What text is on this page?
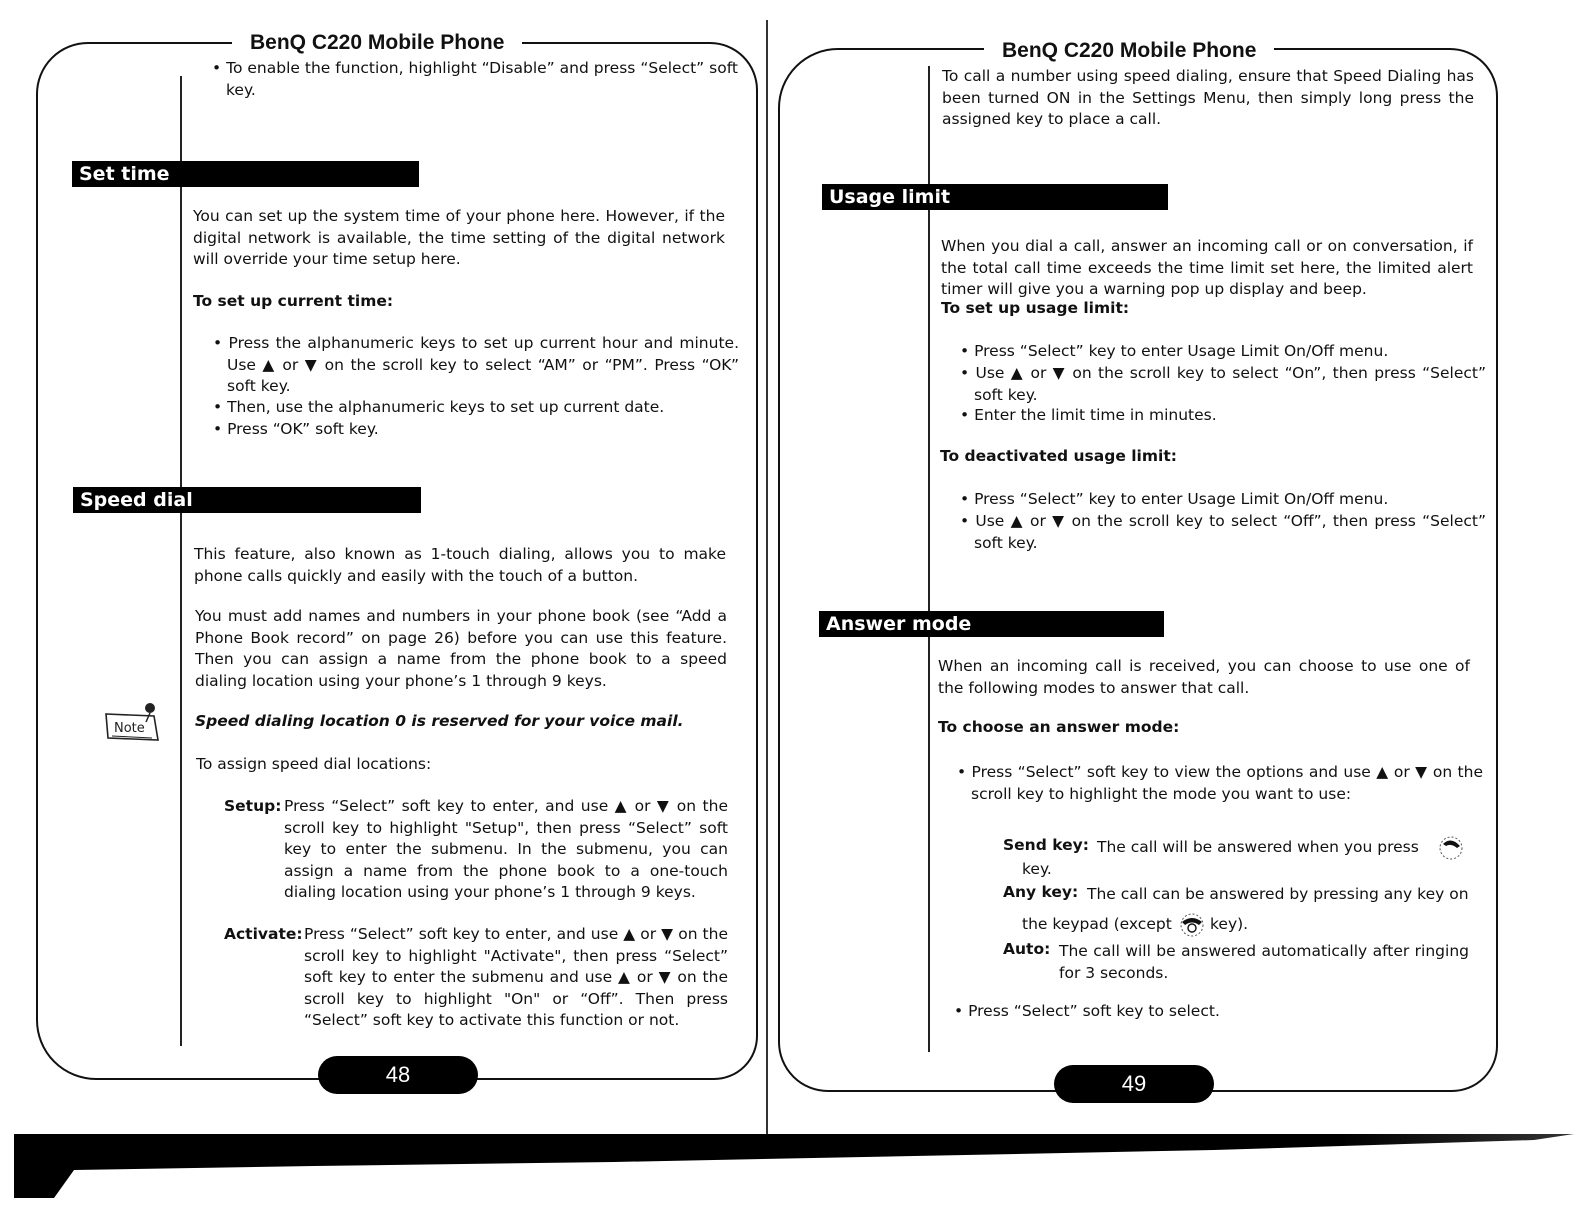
BenQ C220 Mobile Phone	BenQ C220 Mobile Phone
• To enable the function, highlight “Disable” and press “Select” soft key.
Set time
You can set up the system time of your phone here. However, if the digital network is available, the time setting of the digital network will override your time setup here.
To set up current time:
• Press the alphanumeric keys to set up current hour and minute. Use ▲ or ▼ on the scroll key to select “AM” or “PM”. Press “OK” soft key.
• Then, use the alphanumeric keys to set up current date.
• Press “OK” soft key.
Speed dial
This feature, also known as 1-touch dialing, allows you to make phone calls quickly and easily with the touch of a button.
You must add names and numbers in your phone book (see “Add a Phone Book record” on page 26) before you can use this feature. Then you can assign a name from the phone book to a speed dialing location using your phone’s 1 through 9 keys.
Note	Speed dialing location 0 is reserved for your voice mail.
To assign speed dial locations:
Setup: Press “Select” soft key to enter, and use ▲ or ▼ on the scroll key to highlight "Setup", then press “Select” soft key to enter the submenu. In the submenu, you can assign a name from the phone book to a one-touch dialing location using your phone’s 1 through 9 keys.
Activate: Press “Select” soft key to enter, and use ▲ or ▼ on the scroll key to highlight "Activate", then press “Select” soft key to enter the submenu and use ▲ or ▼ on the scroll key to highlight "On" or “Off”. Then press “Select” soft key to activate this function or not.
48
To call a number using speed dialing, ensure that Speed Dialing has been turned ON in the Settings Menu, then simply long press the assigned key to place a call.
Usage limit
When you dial a call, answer an incoming call or on conversation, if the total call time exceeds the time limit set here, the limited alert timer will give you a warning pop up display and beep.
To set up usage limit:
• Press “Select” key to enter Usage Limit On/Off menu.
• Use ▲ or ▼ on the scroll key to select “On”, then press “Select” soft key.
• Enter the limit time in minutes.
To deactivated usage limit:
• Press “Select” key to enter Usage Limit On/Off menu.
• Use ▲ or ▼ on the scroll key to select “Off”, then press “Select” soft key.
Answer mode
When an incoming call is received, you can choose to use one of the following modes to answer that call.
To choose an answer mode:
• Press “Select” soft key to view the options and use ▲ or ▼ on the scroll key to highlight the mode you want to use:
Send key: The call will be answered when you press
key.
Any key: The call can be answered by pressing any key on
the keypad (except key).
Auto: The call will be answered automatically after ringing for 3 seconds.
• Press “Select” soft key to select.
49
